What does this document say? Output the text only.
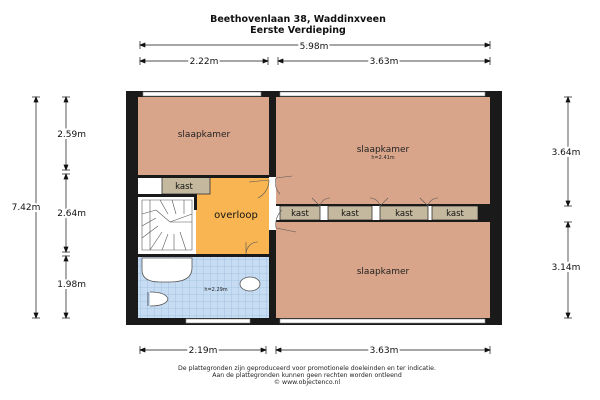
Beethovenlaan 38, Waddinxveen
Eerste Verdieping
5.98m
2.22m	3.63m
7.42m
2.59m
2.64m
1.98m
3.64m
3.14m
2.19m	3.63m
slaapkamer
slaapkamer
h=2.41m
slaapkamer
overloop
h=2.29m
kast
kast	kast	kast	kast
De plattegronden zijn geproduceerd voor promotionele doeleinden en ter indicatie.
Aan de plattegronden kunnen geen rechten worden ontleend
© www.objectenco.nl
